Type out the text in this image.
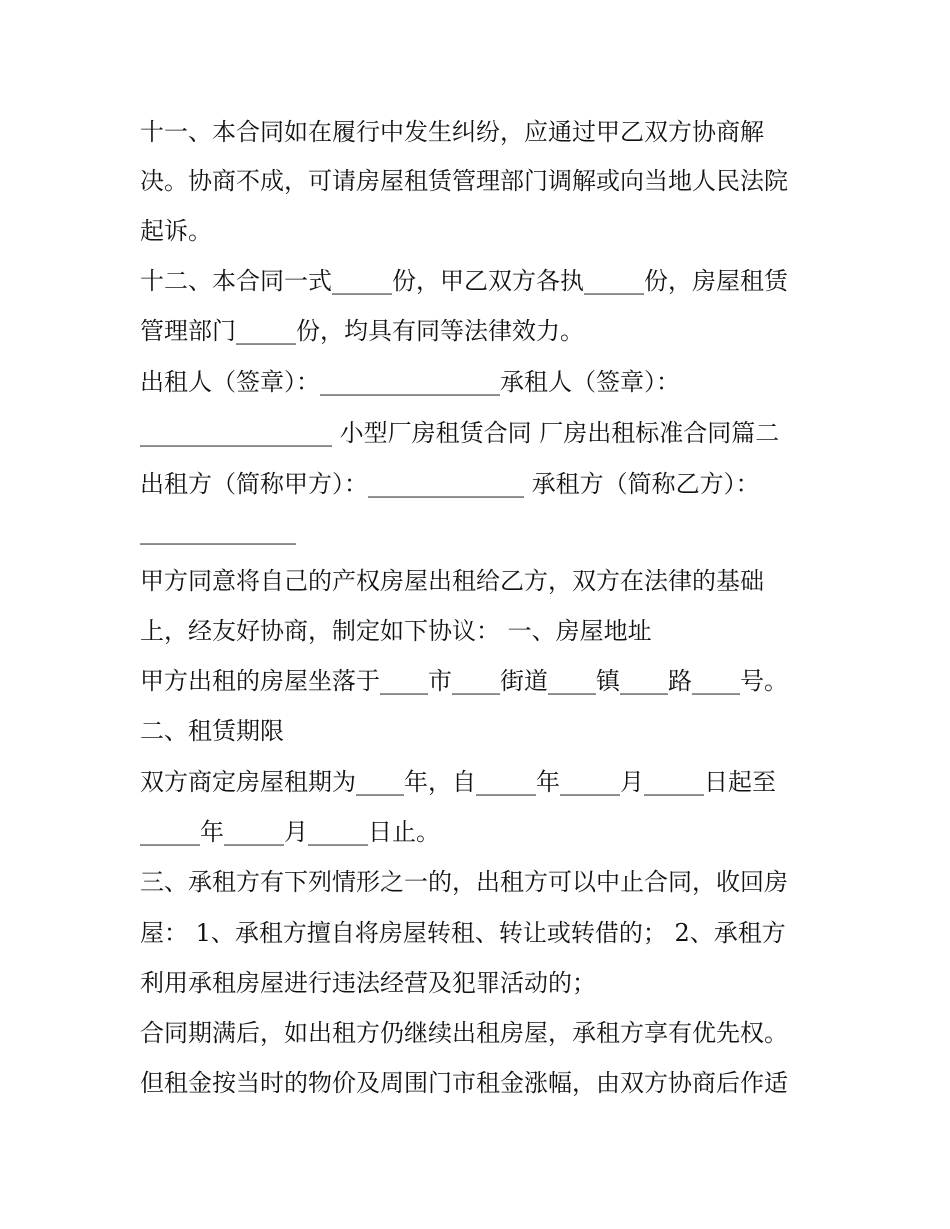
十一、本合同如在履行中发生纠纷，应通过甲乙双方协商解
决。协商不成，可请房屋租赁管理部门调解或向当地人民法院
起诉。
十二、本合同一式_____份，甲乙双方各执_____份，房屋租赁
管理部门_____份，均具有同等法律效力。
出租人（签章）：_______________承租人（签章）：
________________ 小型厂房租赁合同 厂房出租标准合同篇二
出租方（简称甲方）：_____________ 承租方（简称乙方）：
_____________
甲方同意将自己的产权房屋出租给乙方，双方在法律的基础
上，经友好协商，制定如下协议： 一、房屋地址
甲方出租的房屋坐落于____市____街道____镇____路____号。
二、租赁期限
双方商定房屋租期为____年，自_____年_____月_____日起至
_____年_____月_____日止。
三、承租方有下列情形之一的，出租方可以中止合同，收回房
屋： 1、承租方擅自将房屋转租、转让或转借的； 2、承租方
利用承租房屋进行违法经营及犯罪活动的；
合同期满后，如出租方仍继续出租房屋，承租方享有优先权。
但租金按当时的物价及周围门市租金涨幅，由双方协商后作适
